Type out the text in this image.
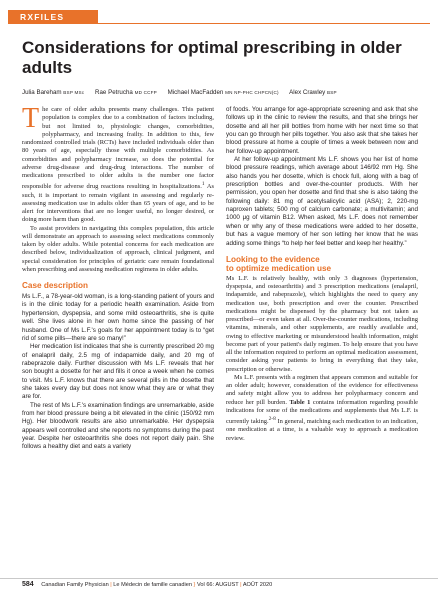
RXFILES
Considerations for optimal prescribing in older adults
Julia Bareham BSP MSc Rae Petrucha MD CCFP Michael MacFadden MN NP-PHC CHPCN(C) Alex Crawley BSP

The care of older adults presents many challenges. This patient population is complex due to a combination of factors including, but not limited to, physiologic changes, comorbidities, polypharmacy, and increasing frailty. In addition to this, few randomized controlled trials (RCTs) have included individuals older than 80 years of age, especially those with multiple comorbidities. As comorbidities and polypharmacy increase, so does the potential for adverse drug-disease and drug-drug interactions. The number of medications prescribed to older adults is the number one factor responsible for adverse drug reactions resulting in hospitalizations.$^1$ As such, it is important to remain vigilant in assessing and regularly re-assessing medication use in adults older than 65 years of age, and to be alert for interventions that are no longer useful, no longer desired, or doing more harm than good.

To assist providers in navigating this complex population, this article will demonstrate an approach to assessing select medications commonly taken by older adults. While potential concerns for each medication are described below, individualization of approach, clinical judgment, and special consideration for principles of geriatric care remain foundational when prescribing and assessing medication regimens in older adults.

Case description

Ms L.F., a 78-year-old woman, is a long-standing patient of yours and is in the clinic today for a periodic health examination. Aside from hypertension, dyspepsia, and some mild osteoarthritis, she is quite well. She lives alone in her own home since the passing of her husband. One of Ms L.F.'s goals for her appointment today is to “get rid of some pills—there are so many!”

Her medication list indicates that she is currently prescribed 20 mg of enalapril daily, 2.5 mg of indapamide daily, and 20 mg of rabeprazole daily. Further discussion with Ms L.F. reveals that her son bought a dosette for her and fills it once a week when he comes to visit. Ms L.F. knows that there are several pills in the dosette that she takes every day but does not know what they are or what they are for.

The rest of Ms L.F.'s examination findings are unremarkable, aside from her blood pressure being a bit elevated in the clinic (150/92 mm Hg). Her bloodwork results are also unremarkable. Her dyspepsia appears well controlled and she reports no symptoms during the past year. Despite her osteoarthritis she does not report daily pain. She follows a healthy diet and eats a variety

of foods. You arrange for age-appropriate screening and ask that she follows up in the clinic to review the results, and that she brings her dosette and all her pill bottles from home with her next time so that you can go through her pills together. You also ask that she takes her blood pressure at home a couple of times a week between now and her follow-up appointment.

At her follow-up appointment Ms L.F. shows you her list of home blood pressure readings, which average about 146/92 mm Hg. She also hands you her dosette, which is chock full, along with a bag of prescription bottles and over-the-counter products. With her permission, you open her dosette and find that she is also taking the following daily: 81 mg of acetylsalicylic acid (ASA); 2, 220-mg naproxen tablets; 500 mg of calcium carbonate; a multivitamin; and 1000 μg of vitamin B12. When asked, Ms L.F. does not remember when or why any of these medications were added to her dosette, but has a vague memory of her son letting her know that he was adding some things “to help her feel better and keep her healthy.”

Looking to the evidence
to optimize medication use

Ms L.F. is relatively healthy, with only 3 diagnoses (hypertension, dyspepsia, and osteoarthritis) and 3 prescription medications (enalapril, indapamide, and rabeprazole), which highlights the need to query any medication use, both prescription and over the counter. Prescribed medications might be dispensed by the pharmacy but not taken as prescribed—or even taken at all. Over-the-counter medications, including vitamins, minerals, and other supplements, are readily available and, owing to effective marketing or misunderstood health information, might become part of your patient's daily regimen. To help ensure that you have all the information required to perform an optimal medication assessment, consider asking your patients to bring in everything that they take, prescription or otherwise.

Ms L.F. presents with a regimen that appears common and suitable for an older adult; however, consideration of the evidence for effectiveness and safety might allow you to address her polypharmacy concern and reduce her pill burden. Table 1 contains information regarding possible indications for some of the medications and supplements that Ms L.F. is currently taking.$^{2-8}$ In general, matching each medication to an indication, one medication at a time, is a valuable way to approach a medication review.

584 Canadian Family Physician | Le Médecin de famille canadien } Vol 66: AUGUST | AOÛT 2020
